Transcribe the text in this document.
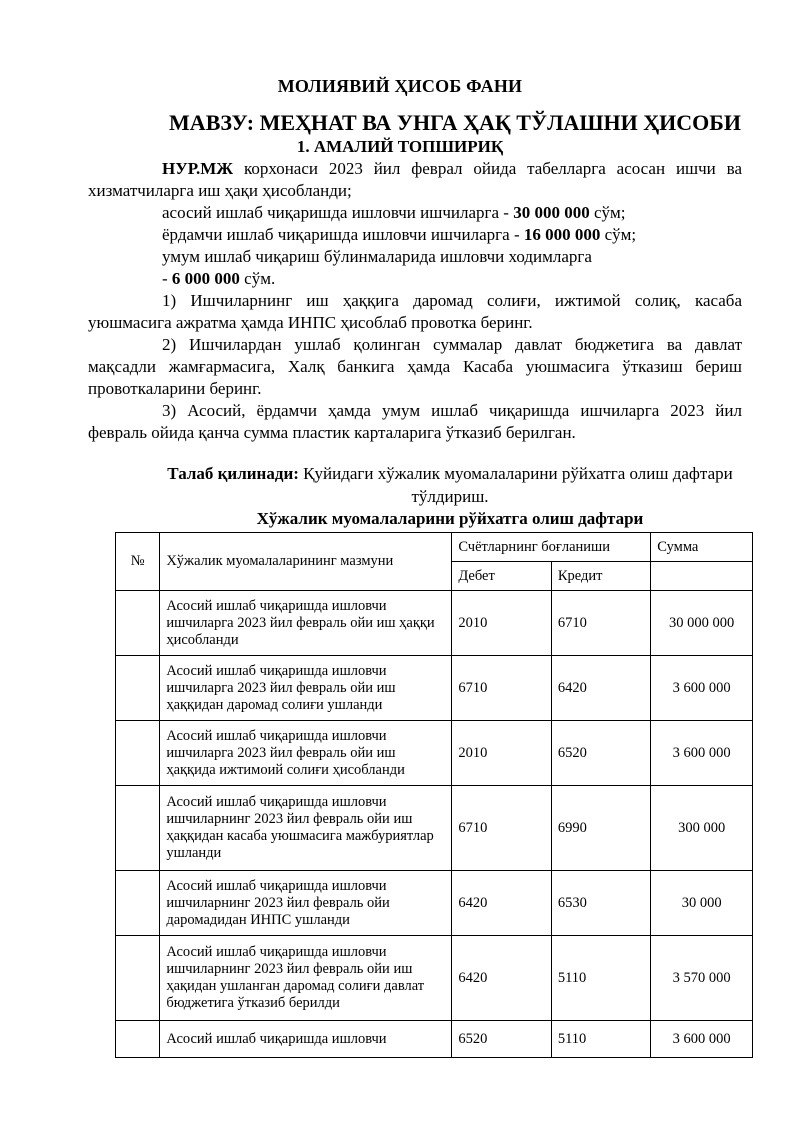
МОЛИЯВИЙ ҲИСОБ ФАНИ
МАВЗУ: МЕҲНАТ ВА УНГА ҲАҚ ТЎЛАШНИ ҲИСОБИ
1. АМАЛИЙ ТОПШИРИҚ

НУР.МЖ корхонаси 2023 йил феврал ойида табелларга асосан ишчи ва хизматчиларга иш ҳақи ҳисобланди;

асосий ишлаб чиқаришда ишловчи ишчиларга - 30 000 000 сўм;

ёрдамчи ишлаб чиқаришда ишловчи ишчиларга - 16 000 000 сўм;

умум ишлаб чиқариш бўлинмаларида ишловчи ходимларга

- 6 000 000 сўм.

1) Ишчиларнинг иш ҳаққига даромад солиғи, ижтимой солиқ, касаба уюшмасига ажратма ҳамда ИНПС ҳисоблаб провотка беринг.

2) Ишчилардан ушлаб қолинган суммалар давлат бюджетига ва давлат мақсадли жамғармасига, Халқ банкига ҳамда Касаба уюшмасига ўтказиш бериш провоткаларини беринг.

3) Асосий, ёрдамчи ҳамда умум ишлаб чиқаришда ишчиларга 2023 йил февраль ойида қанча сумма пластик карталарига ўтказиб берилган.

Талаб қилинади: Қуйидаги хўжалик муомалаларини рўйхатга олиш дафтари тўлдириш.
Хўжалик муомалаларини рўйхатга олиш дафтари
№	Хўжалик муомалаларининг мазмуни	Счётларнинг боғланиши		Сумма
		Дебет	Кредит	
	Асосий ишлаб чиқаришда ишловчи ишчиларга 2023 йил февраль ойи иш ҳаққи ҳисобланди	2010	6710	30 000 000
	Асосий ишлаб чиқаришда ишловчи ишчиларга 2023 йил февраль ойи иш ҳаққидан даромад солиғи ушланди	6710	6420	3 600 000
	Асосий ишлаб чиқаришда ишловчи ишчиларга 2023 йил февраль ойи иш ҳаққида ижтимоий солиғи ҳисобланди	2010	6520	3 600 000
	Асосий ишлаб чиқаришда ишловчи ишчиларнинг 2023 йил февраль ойи иш ҳаққидан касаба уюшмасига мажбуриятлар ушланди	6710	6990	300 000
	Асосий ишлаб чиқаришда ишловчи ишчиларнинг 2023 йил февраль ойи даромадидан ИНПС ушланди	6420	6530	30 000
	Асосий ишлаб чиқаришда ишловчи ишчиларнинг 2023 йил февраль ойи иш ҳақидан ушланган даромад солиғи давлат бюджетига ўтказиб берилди	6420	5110	3 570 000
	Асосий ишлаб чиқаришда ишловчи	6520	5110	3 600 000
